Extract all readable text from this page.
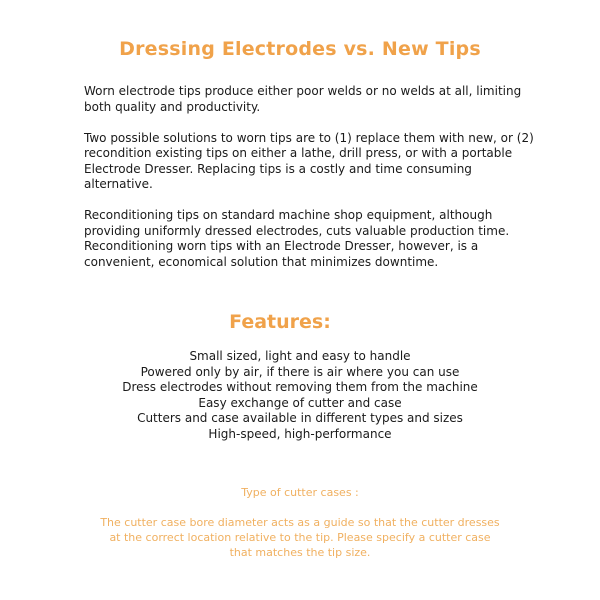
Dressing Electrodes vs. New Tips

Worn electrode tips produce either poor welds or no welds at all, limiting
both quality and productivity.

Two possible solutions to worn tips are to (1) replace them with new, or (2)
recondition existing tips on either a lathe, drill press, or with a portable
Electrode Dresser. Replacing tips is a costly and time consuming
alternative.

Reconditioning tips on standard machine shop equipment, although
providing uniformly dressed electrodes, cuts valuable production time.
Reconditioning worn tips with an Electrode Dresser, however, is a
convenient, economical solution that minimizes downtime.

Features:
Small sized, light and easy to handle
Powered only by air, if there is air where you can use
Dress electrodes without removing them from the machine
Easy exchange of cutter and case
Cutters and case available in different types and sizes
High-speed, high-performance
Type of cutter cases :
The cutter case bore diameter acts as a guide so that the cutter dresses
at the correct location relative to the tip. Please specify a cutter case
that matches the tip size.
